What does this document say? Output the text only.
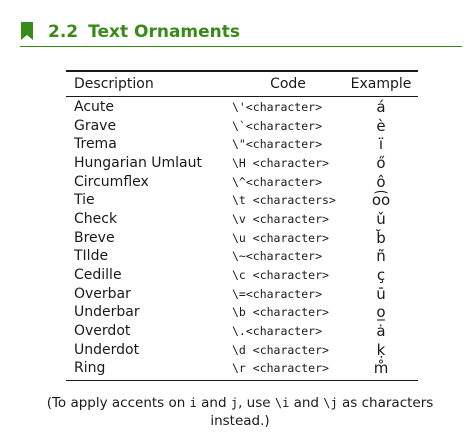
2.2 Text Ornaments
Description	Code	Example
Acute	\'<character>	á
Grave	\`<character>	è
Trema	\"<character>	ï
Hungarian Umlaut	\H <character>	ő
Circumflex	\^<character>	ô
Tie	\t <characters>	o͡o
Check	\v <character>	ǔ
Breve	\u <character>	b̆
TIlde	\~<character>	ñ
Cedille	\c <character>	ç
Overbar	\=<character>	ū
Underbar	\b <character>	o̲
Overdot	\.<character>	ȧ
Underdot	\d <character>	ḳ
Ring	\r <character>	m̊
(To apply accents on i and j, use \i and \j as characters
instead.)
